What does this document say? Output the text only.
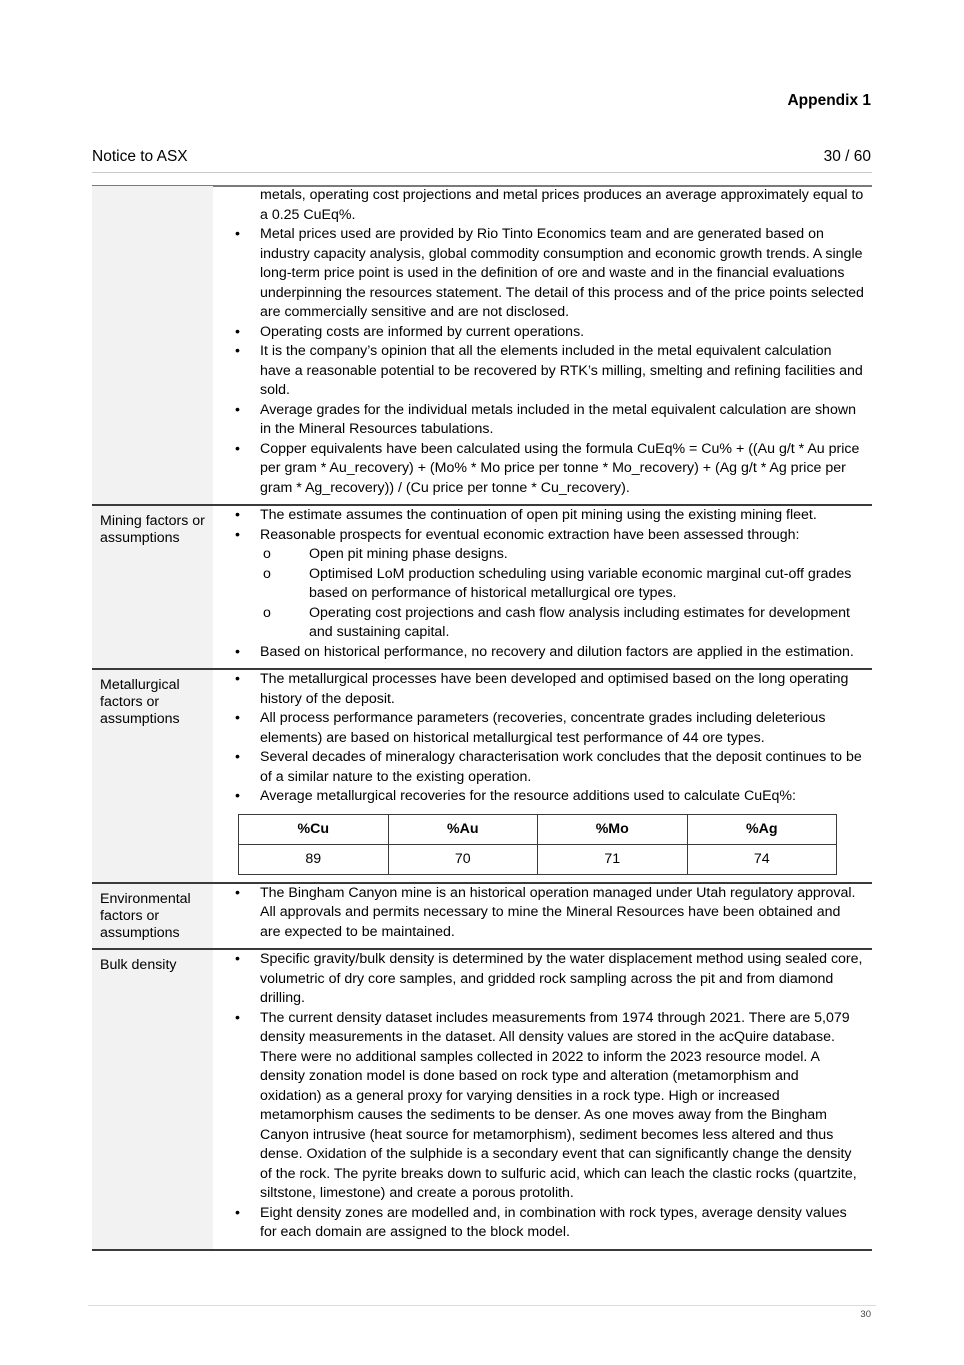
Appendix 1
Notice to ASX	30 / 60
metals, operating cost projections and metal prices produces an average approximately equal to a 0.25 CuEq%.
• Metal prices used are provided by Rio Tinto Economics team and are generated based on industry capacity analysis, global commodity consumption and economic growth trends. A single long-term price point is used in the definition of ore and waste and in the financial evaluations underpinning the resources statement. The detail of this process and of the price points selected are commercially sensitive and are not disclosed.
• Operating costs are informed by current operations.
• It is the company’s opinion that all the elements included in the metal equivalent calculation have a reasonable potential to be recovered by RTK’s milling, smelting and refining facilities and sold.
• Average grades for the individual metals included in the metal equivalent calculation are shown in the Mineral Resources tabulations.
• Copper equivalents have been calculated using the formula CuEq% = Cu% + ((Au g/t * Au price per gram * Au_recovery) + (Mo% * Mo price per tonne * Mo_recovery) + (Ag g/t * Ag price per gram * Ag_recovery)) / (Cu price per tonne * Cu_recovery).
Mining factors or assumptions
• The estimate assumes the continuation of open pit mining using the existing mining fleet.
• Reasonable prospects for eventual economic extraction have been assessed through:
o Open pit mining phase designs.
o Optimised LoM production scheduling using variable economic marginal cut-off grades based on performance of historical metallurgical ore types.
o Operating cost projections and cash flow analysis including estimates for development and sustaining capital.
• Based on historical performance, no recovery and dilution factors are applied in the estimation.
Metallurgical factors or assumptions
• The metallurgical processes have been developed and optimised based on the long operating history of the deposit.
• All process performance parameters (recoveries, concentrate grades including deleterious elements) are based on historical metallurgical test performance of 44 ore types.
• Several decades of mineralogy characterisation work concludes that the deposit continues to be of a similar nature to the existing operation.
• Average metallurgical recoveries for the resource additions used to calculate CuEq%:
%Cu	%Au	%Mo	%Ag
89	70	71	74
Environmental factors or assumptions
• The Bingham Canyon mine is an historical operation managed under Utah regulatory approval. All approvals and permits necessary to mine the Mineral Resources have been obtained and are expected to be maintained.
Bulk density	• Specific gravity/bulk density is determined by the water displacement method using sealed core, volumetric of dry core samples, and gridded rock sampling across the pit and from diamond drilling.
• The current density dataset includes measurements from 1974 through 2021. There are 5,079 density measurements in the dataset. All density values are stored in the acQuire database. There were no additional samples collected in 2022 to inform the 2023 resource model. A density zonation model is done based on rock type and alteration (metamorphism and oxidation) as a general proxy for varying densities in a rock type. High or increased metamorphism causes the sediments to be denser. As one moves away from the Bingham Canyon intrusive (heat source for metamorphism), sediment becomes less altered and thus dense. Oxidation of the sulphide is a secondary event that can significantly change the density of the rock. The pyrite breaks down to sulfuric acid, which can leach the clastic rocks (quartzite, siltstone, limestone) and create a porous protolith.
• Eight density zones are modelled and, in combination with rock types, average density values for each domain are assigned to the block model.
30
